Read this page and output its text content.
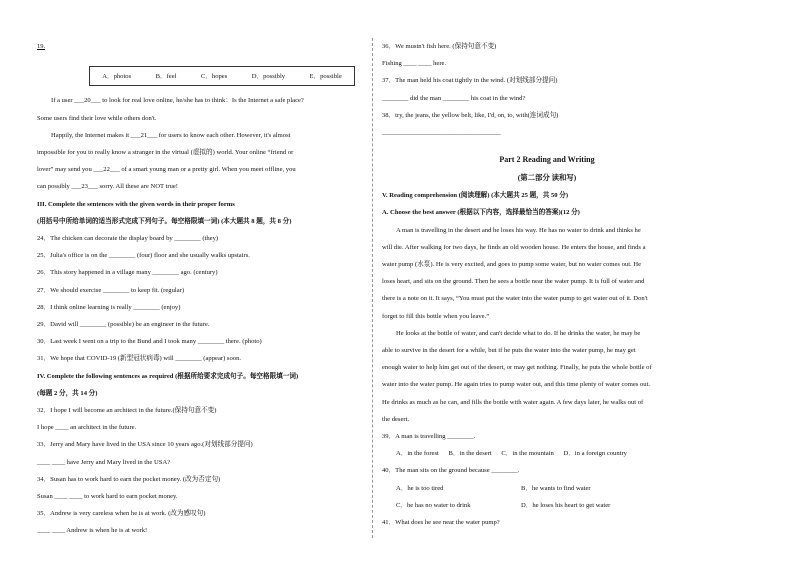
19.
A．photos	B．feel	C．hopes	D．possibly	E．possible
If a user ___20___ to look for real love online, he/she has to think：Is the Internet a safe place?
Some users find their love while others don't.
Happily, the Internet makes it ___21___ for users to know each other. However, it's almost
impossible for you to really know a stranger in the virtual (虚拟的) world. Your online “friend or
lover” may send you ___22___ of a smart young man or a pretty girl. When you meet offline, you
can possibly ___23___ sorry. All these are NOT true!
III. Complete the sentences with the given words in their proper forms
(用括号中所给单词的适当形式完成下列句子。每空格限填一词) (本大题共 8 题，共 8 分)
24．The chicken can decorate the display board by ________ (they)
25．Julia's office is on the ________ (four) floor and she usually walks upstairs.
26．This story happened in a village many ________ ago. (century)
27．We should exercise ________ to keep fit. (regular)
28．I think online learning is really ________ (enjoy)
29．David will ________ (possible) be an engineer in the future.
30．Last week I went on a trip to the Bund and I took many ________ there. (photo)
31．We hope that COVID-19 (新型冠状病毒) will ________ (appear) soon.
IV. Complete the following sentences as required (根据所给要求完成句子。每空格限填一词)
(每题 2 分，共 14 分)
32．I hope I will become an architect in the future.(保持句意不变)
I hope ____ an architect in the future.
33．Jerry and Mary have lived in the USA since 10 years ago.(对划线部分提问)
____ ____ have Jerry and Mary lived in the USA?
34．Susan has to work hard to earn the pocket money. (改为否定句)
Susan ____ ____ to work hard to earn pocket money.
35．Andrew is very careless when he is at work. (改为感叹句)
____ ____ Andrew is when he is at work!
36．We mustn't fish here. (保持句意不变)
Fishing ____ ____ here.
37．The man held his coat tightly in the wind. (对划线部分提问)
________ did the man ________ his coat in the wind?
38．try, the jeans, the yellow belt, like, I'd, on, to, with(连词成句)
____________________________________
Part 2 Reading and Writing
(第二部分 读和写)
V. Reading comprehension (阅读理解) (本大题共 25 题，共 50 分)
A. Choose the best answer (根据以下内容，选择最恰当的答案)(12 分)
A man is travelling in the desert and he loses his way. He has no water to drink and thinks he
will die. After walking for two days, he finds an old wooden house. He enters the house, and finds a
water pump (水泵). He is very excited, and goes to pump some water, but no water comes out. He
loses heart, and sits on the ground. Then he sees a bottle near the water pump. It is full of water and
there is a note on it. It says, “You must put the water into the water pump to get water out of it. Don't
forget to fill this bottle when you leave.”
He looks at the bottle of water, and can't decide what to do. If he drinks the water, he may be
able to survive in the desert for a while, but if he puts the water into the water pump, he may get
enough water to help him get out of the desert, or may get nothing. Finally, he puts the whole bottle of
water into the water pump. He again tries to pump water out, and this time plenty of water comes out.
He drinks as much as he can, and fills the bottle with water again. A few days later, he walks out of
the desert.
39．A man is travelling ________.
A．in the forest B．in the desert C．in the mountain D．in a foreign country
40．The man sits on the ground because ________.
A．he is too tired	B．he wants to find water
C．he has no water to drink	D．he loses his heart to get water
41．What does he see near the water pump?
